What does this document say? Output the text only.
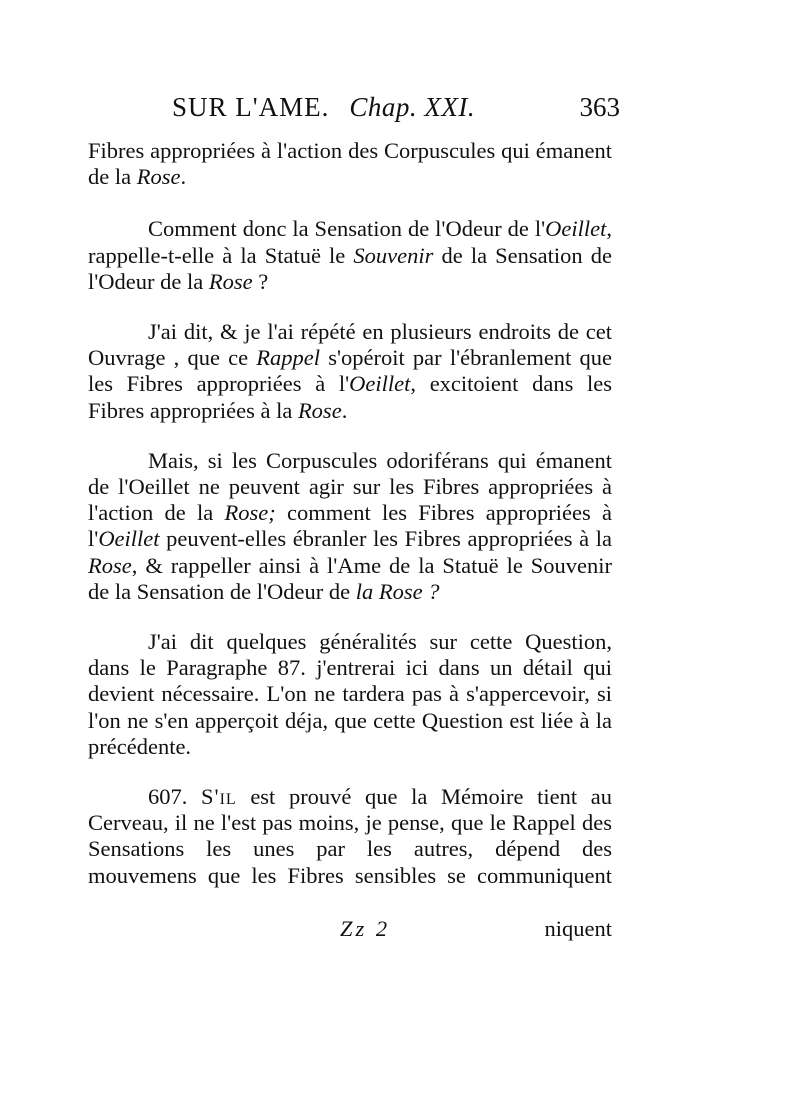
SUR L'AME. Chap. XXI.	363

Fibres appropriées à l'action des Corpuscules qui émanent de la Rose.

Comment donc la Sensation de l'Odeur de l'Oeillet, rappelle-t-elle à la Statuë le Souvenir de la Sensation de l'Odeur de la Rose ?

J'ai dit, & je l'ai répété en plusieurs endroits de cet Ouvrage , que ce Rappel s'opéroit par l'ébranlement que les Fibres appropriées à l'Oeillet, excitoient dans les Fibres appropriées à la Rose.

Mais, si les Corpuscules odoriférans qui émanent de l'Oeillet ne peuvent agir sur les Fibres appropriées à l'action de la Rose; comment les Fibres appropriées à l'Oeillet peuvent-elles ébranler les Fibres appropriées à la Rose, & rappeller ainsi à l'Ame de la Statuë le Souvenir de la Sensation de l'Odeur de la Rose ?

J'ai dit quelques généralités sur cette Question, dans le Paragraphe 87. j'entrerai ici dans un détail qui devient nécessaire. L'on ne tardera pas à s'appercevoir, si l'on ne s'en apperçoit déja, que cette Question est liée à la précédente.

607. S'il est prouvé que la Mémoire tient au Cerveau, il ne l'est pas moins, je pense, que le Rappel des Sensations les unes par les autres, dépend des mouvemens que les Fibres sensibles se communiquent

Zz 2	niquent
